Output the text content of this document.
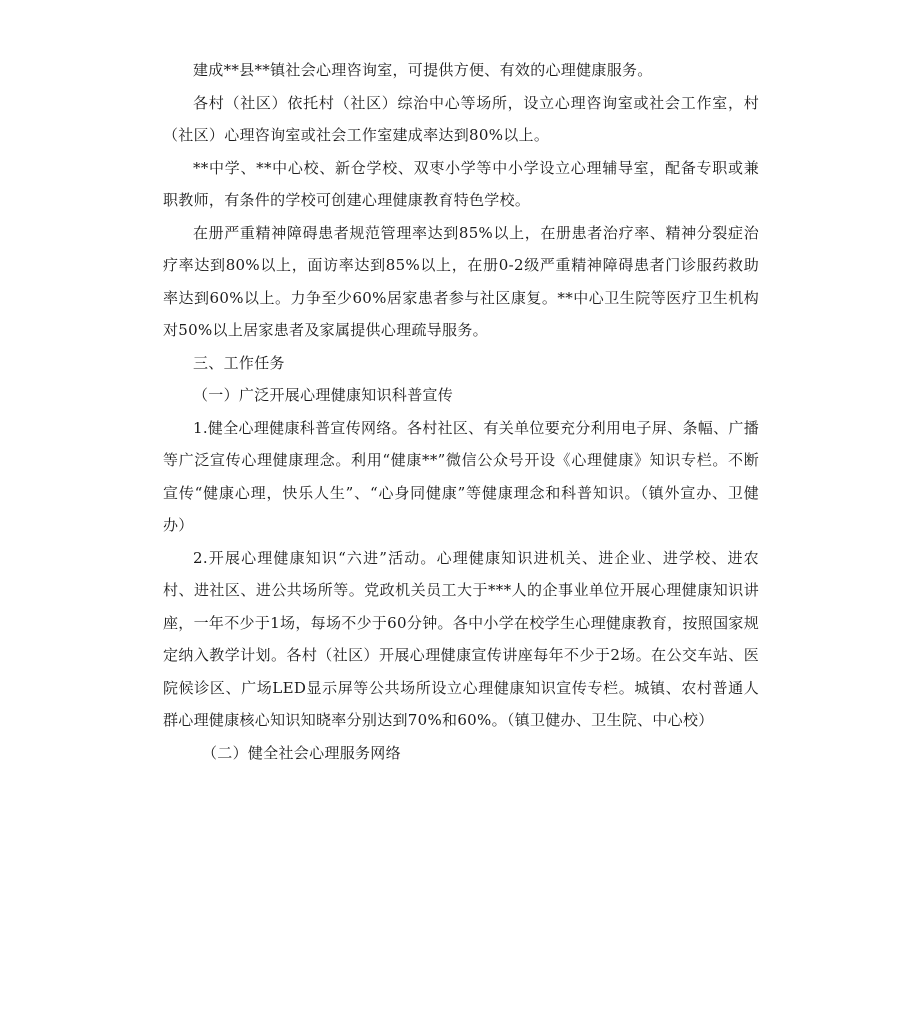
建成**县**镇社会心理咨询室，可提供方便、有效的心理健康服务。

各村（社区）依托村（社区）综治中心等场所，设立心理咨询室或社会工作室，村（社区）心理咨询室或社会工作室建成率达到80%以上。

**中学、**中心校、新仓学校、双枣小学等中小学设立心理辅导室，配备专职或兼职教师，有条件的学校可创建心理健康教育特色学校。

在册严重精神障碍患者规范管理率达到85%以上，在册患者治疗率、精神分裂症治疗率达到80%以上，面访率达到85%以上，在册0-2级严重精神障碍患者门诊服药救助率达到60%以上。力争至少60%居家患者参与社区康复。**中心卫生院等医疗卫生机构对50%以上居家患者及家属提供心理疏导服务。

三、工作任务

（一）广泛开展心理健康知识科普宣传

1.健全心理健康科普宣传网络。各村社区、有关单位要充分利用电子屏、条幅、广播等广泛宣传心理健康理念。利用“健康**”微信公众号开设《心理健康》知识专栏。不断宣传“健康心理，快乐人生”、“心身同健康”等健康理念和科普知识。（镇外宣办、卫健办）

2.开展心理健康知识“六进”活动。心理健康知识进机关、进企业、进学校、进农村、进社区、进公共场所等。党政机关员工大于***人的企事业单位开展心理健康知识讲座，一年不少于1场，每场不少于60分钟。各中小学在校学生心理健康教育，按照国家规定纳入教学计划。各村（社区）开展心理健康宣传讲座每年不少于2场。在公交车站、医院候诊区、广场LED显示屏等公共场所设立心理健康知识宣传专栏。城镇、农村普通人群心理健康核心知识知晓率分别达到70%和60%。（镇卫健办、卫生院、中心校）

（二）健全社会心理服务网络
